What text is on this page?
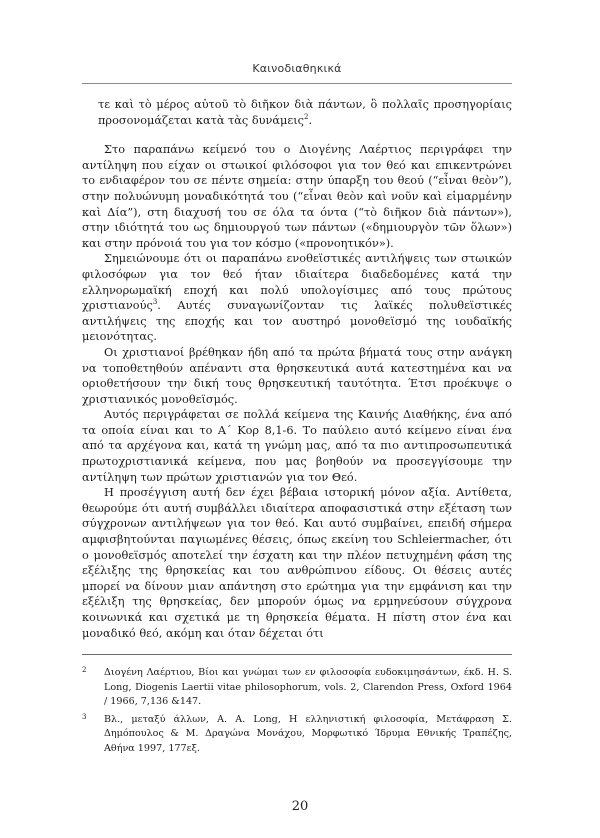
Καινοδιαθηκικά

τε καὶ τὸ μέρος αὐτοῦ τὸ διῆκον διὰ πάντων, ὃ πολλαῖς προσηγορίαις προσονομάζεται κατὰ τὰς δυνάμεις$^2$.

Στο παραπάνω κείμενό του ο Διογένης Λαέρτιος περιγράφει την αντίληψη που είχαν οι στωικοί φιλόσοφοι για τον θεό και επικεντρώνει το ενδιαφέρον του σε πέντε σημεία: στην ύπαρξη του θεού (“εἶναι θεὸν”), στην πολυώνυμη μοναδικότητά του (“εἶναι θεὸν καὶ νοῦν καὶ εἱμαρμένην καὶ Δία”), στη διαχυσή του σε όλα τα όντα (“τὸ διῆκον διὰ πάντων»), στην ιδιότητά του ως δημιουργού των πάντων («δημιουργὸν τῶν ὅλων») και στην πρόνοιά του για τον κόσμο («προνοητικόν»).

Σημειώνουμε ότι οι παραπάνω ενοθεϊστικές αντιλήψεις των στωικών φιλοσόφων για τον θεό ήταν ιδιαίτερα διαδεδομένες κατά την ελληνορωμαϊκή εποχή και πολύ υπολογίσιμες από τους πρώτους χριστιανούς$^3$. Αυτές συναγωνίζονταν τις λαϊκές πολυθεϊστικές αντιλήψεις της εποχής και τον αυστηρό μονοθεϊσμό της ιουδαϊκής μειονότητας.

Οι χριστιανοί βρέθηκαν ήδη από τα πρώτα βήματά τους στην ανάγκη να τοποθετηθούν απέναντι στα θρησκευτικά αυτά κατεστημένα και να οριοθετήσουν την δική τους θρησκευτική ταυτότητα. Έτσι προέκυψε ο χριστιανικός μονοθεϊσμός.

Αυτός περιγράφεται σε πολλά κείμενα της Καινής Διαθήκης, ένα από τα οποία είναι και το Α΄ Κορ 8,1-6. Το παύλειο αυτό κείμενο είναι ένα από τα αρχέγονα και, κατά τη γνώμη μας, από τα πιο αντιπροσωπευτικά πρωτοχριστιανικά κείμενα, που μας βοηθούν να προσεγγίσουμε την αντίληψη των πρώτων χριστιανών για τον Θεό.

Η προσέγγιση αυτή δεν έχει βέβαια ιστορική μόνον αξία. Αντίθετα, θεωρούμε ότι αυτή συμβάλλει ιδιαίτερα αποφασιστικά στην εξέταση των σύγχρονων αντιλήψεων για τον θεό. Και αυτό συμβαίνει, επειδή σήμερα αμφισβητούνται παγιωμένες θέσεις, όπως εκείνη του Schleiermacher, ότι ο μονοθεϊσμός αποτελεί την έσχατη και την πλέον πετυχημένη φάση της εξέλιξης της θρησκείας και του ανθρώπινου είδους. Οι θέσεις αυτές μπορεί να δίνουν μιαν απάντηση στο ερώτημα για την εμφάνιση και την εξέλιξη της θρησκείας, δεν μπορούν όμως να ερμηνεύσουν σύγχρονα κοινωνικά και σχετικά με τη θρησκεία θέματα. Η πίστη στον ένα και μοναδικό θεό, ακόμη και όταν δέχεται ότι

2 Διογένη Λαέρτιου, Βίοι και γνώμαι των εν φιλοσοφία ευδοκιμησάντων, έκδ. H. S. Long, Diogenis Laertii vitae philosophorum, vols. 2, Clarendon Press, Oxford 1964 / 1966, 7,136 &147.
3 Βλ., μεταξύ άλλων, A. A. Long, Η ελληνιστική φιλοσοφία, Μετάφραση Σ. Δημόπουλος & Μ. Δραγώνα Μονάχου, Μορφωτικό Ίδρυμα Εθνικής Τραπέζης, Αθήνα 1997, 177εξ.
20
